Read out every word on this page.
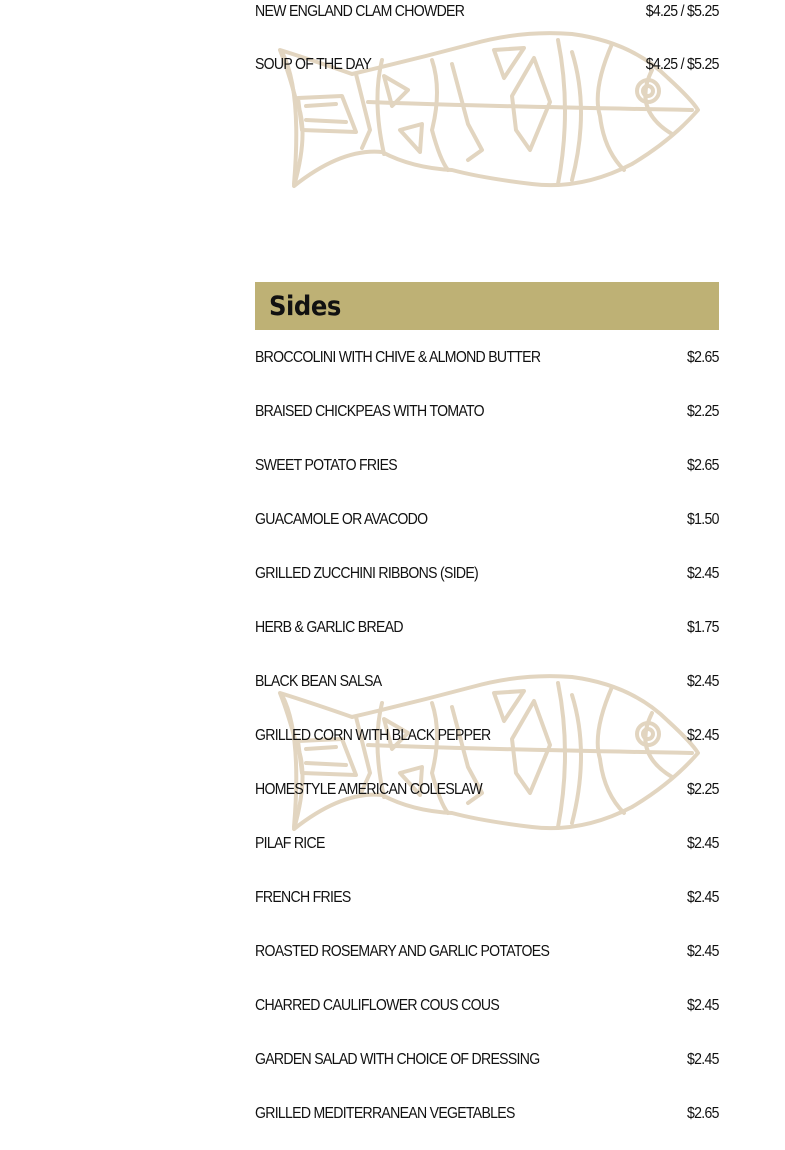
NEW ENGLAND CLAM CHOWDER	$4.25 / $5.25
SOUP OF THE DAY	$4.25 / $5.25
Sides
BROCCOLINI WITH CHIVE & ALMOND BUTTER	$2.65
BRAISED CHICKPEAS WITH TOMATO	$2.25
SWEET POTATO FRIES	$2.65
GUACAMOLE OR AVACODO	$1.50
GRILLED ZUCCHINI RIBBONS (SIDE)	$2.45
HERB & GARLIC BREAD	$1.75
BLACK BEAN SALSA	$2.45
GRILLED CORN WITH BLACK PEPPER	$2.45
HOMESTYLE AMERICAN COLESLAW	$2.25
PILAF RICE	$2.45
FRENCH FRIES	$2.45
ROASTED ROSEMARY AND GARLIC POTATOES	$2.45
CHARRED CAULIFLOWER COUS COUS	$2.45
GARDEN SALAD WITH CHOICE OF DRESSING	$2.45
GRILLED MEDITERRANEAN VEGETABLES	$2.65
